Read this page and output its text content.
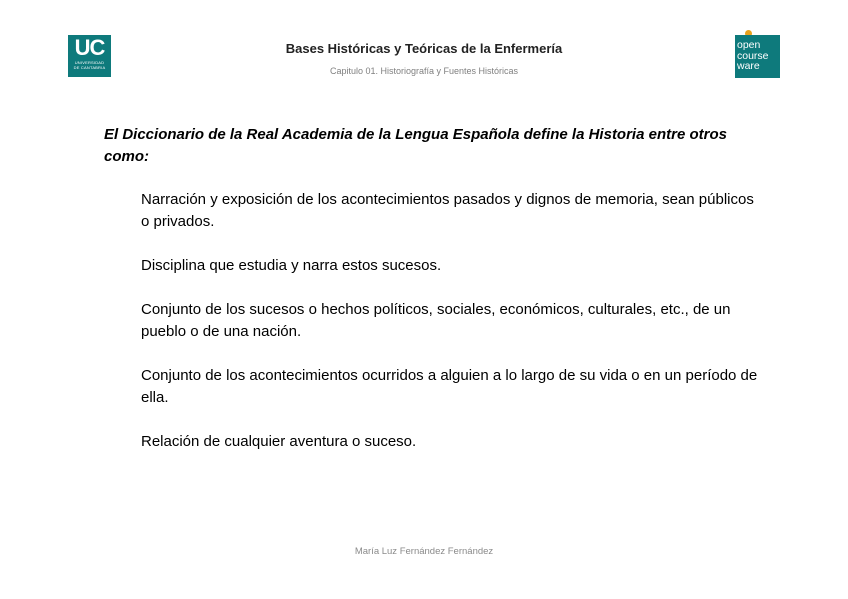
UC
UNIVERSIDAD
DE CANTABRIA
open
course
ware
Bases Históricas y Teóricas de la Enfermería
Capitulo 01. Historiografía y Fuentes Históricas
El Diccionario de la Real Academia de la Lengua Española define la Historia entre otros como:
Narración y exposición de los acontecimientos pasados y dignos de memoria, sean públicos o privados.
Disciplina que estudia y narra estos sucesos.
Conjunto de los sucesos o hechos políticos, sociales, económicos, culturales, etc., de un pueblo o de una nación.
Conjunto de los acontecimientos ocurridos a alguien a lo largo de su vida o en un período de ella.
Relación de cualquier aventura o suceso.
María Luz Fernández Fernández
